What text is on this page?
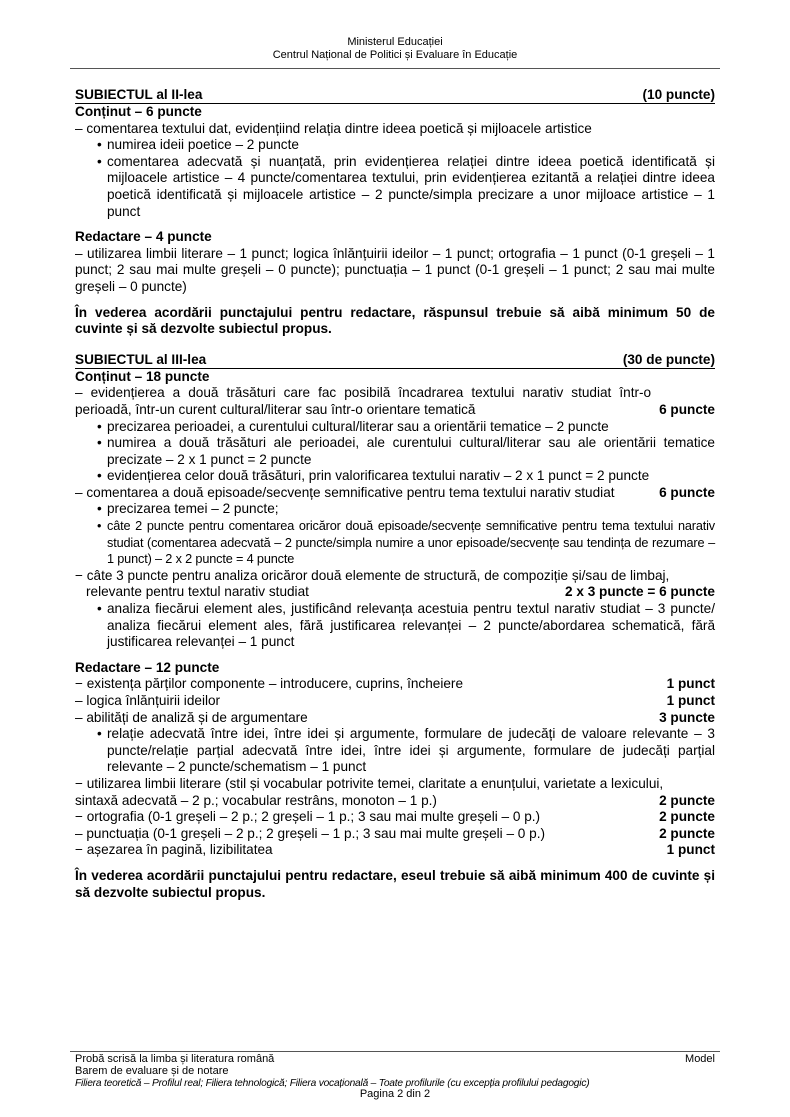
Ministerul Educației
Centrul Național de Politici și Evaluare în Educație
SUBIECTUL al II-lea	(10 puncte)
Conținut – 6 puncte

– comentarea textului dat, evidențiind relația dintre ideea poetică și mijloacele artistice

• numirea ideii poetice – 2 puncte

• comentarea adecvată și nuanțată, prin evidențierea relației dintre ideea poetică identificată și mijloacele artistice – 4 puncte/comentarea textului, prin evidențierea ezitantă a relației dintre ideea poetică identificată și mijloacele artistice – 2 puncte/simpla precizare a unor mijloace artistice – 1 punct

Redactare – 4 puncte

– utilizarea limbii literare – 1 punct; logica înlănțuirii ideilor – 1 punct; ortografia – 1 punct (0-1 greșeli – 1 punct; 2 sau mai multe greșeli – 0 puncte); punctuația – 1 punct (0-1 greșeli – 1 punct; 2 sau mai multe greșeli – 0 puncte)

În vederea acordării punctajului pentru redactare, răspunsul trebuie să aibă minimum 50 de cuvinte și să dezvolte subiectul propus.

SUBIECTUL al III-lea	(30 de puncte)
Conținut – 18 puncte
– evidențierea a două trăsături care fac posibilă încadrarea textului narativ studiat într-o perioadă, într-un curent cultural/literar sau într-o orientare tematică	6 puncte

• precizarea perioadei, a curentului cultural/literar sau a orientării tematice – 2 puncte

• numirea a două trăsături ale perioadei, ale curentului cultural/literar sau ale orientării tematice precizate – 2 x 1 punct = 2 puncte

• evidențierea celor două trăsături, prin valorificarea textului narativ – 2 x 1 punct = 2 puncte

– comentarea a două episoade/secvențe semnificative pentru tema textului narativ studiat	6 puncte

• precizarea temei – 2 puncte;

• câte 2 puncte pentru comentarea oricăror două episoade/secvențe semnificative pentru tema textului narativ studiat (comentarea adecvată – 2 puncte/simpla numire a unor episoade/secvențe sau tendința de rezumare – 1 punct) – 2 x 2 puncte = 4 puncte

− câte 3 puncte pentru analiza oricăror două elemente de structură, de compoziție și/sau de limbaj,
relevante pentru textul narativ studiat	2 x 3 puncte = 6 puncte

• analiza fiecărui element ales, justificând relevanța acestuia pentru textul narativ studiat – 3 puncte/ analiza fiecărui element ales, fără justificarea relevanței – 2 puncte/abordarea schematică, fără justificarea relevanței – 1 punct

Redactare – 12 puncte
− existența părților componente – introducere, cuprins, încheiere	1 punct
– logica înlănțuirii ideilor	1 punct
– abilități de analiză și de argumentare	3 puncte

• relație adecvată între idei, între idei și argumente, formulare de judecăți de valoare relevante – 3 puncte/relație parțial adecvată între idei, între idei și argumente, formulare de judecăți parțial relevante – 2 puncte/schematism – 1 punct

− utilizarea limbii literare (stil și vocabular potrivite temei, claritate a enunțului, varietate a lexicului,
sintaxă adecvată – 2 p.; vocabular restrâns, monoton – 1 p.)	2 puncte
− ortografia (0-1 greșeli – 2 p.; 2 greșeli – 1 p.; 3 sau mai multe greșeli – 0 p.)	2 puncte
– punctuația (0-1 greșeli – 2 p.; 2 greșeli – 1 p.; 3 sau mai multe greșeli – 0 p.)	2 puncte
− așezarea în pagină, lizibilitatea	1 punct

În vederea acordării punctajului pentru redactare, eseul trebuie să aibă minimum 400 de cuvinte și să dezvolte subiectul propus.

Probă scrisă la limba și literatura română	Model
Barem de evaluare și de notare
Filiera teoretică – Profilul real; Filiera tehnologică; Filiera vocațională – Toate profilurile (cu excepția profilului pedagogic)
Pagina 2 din 2
